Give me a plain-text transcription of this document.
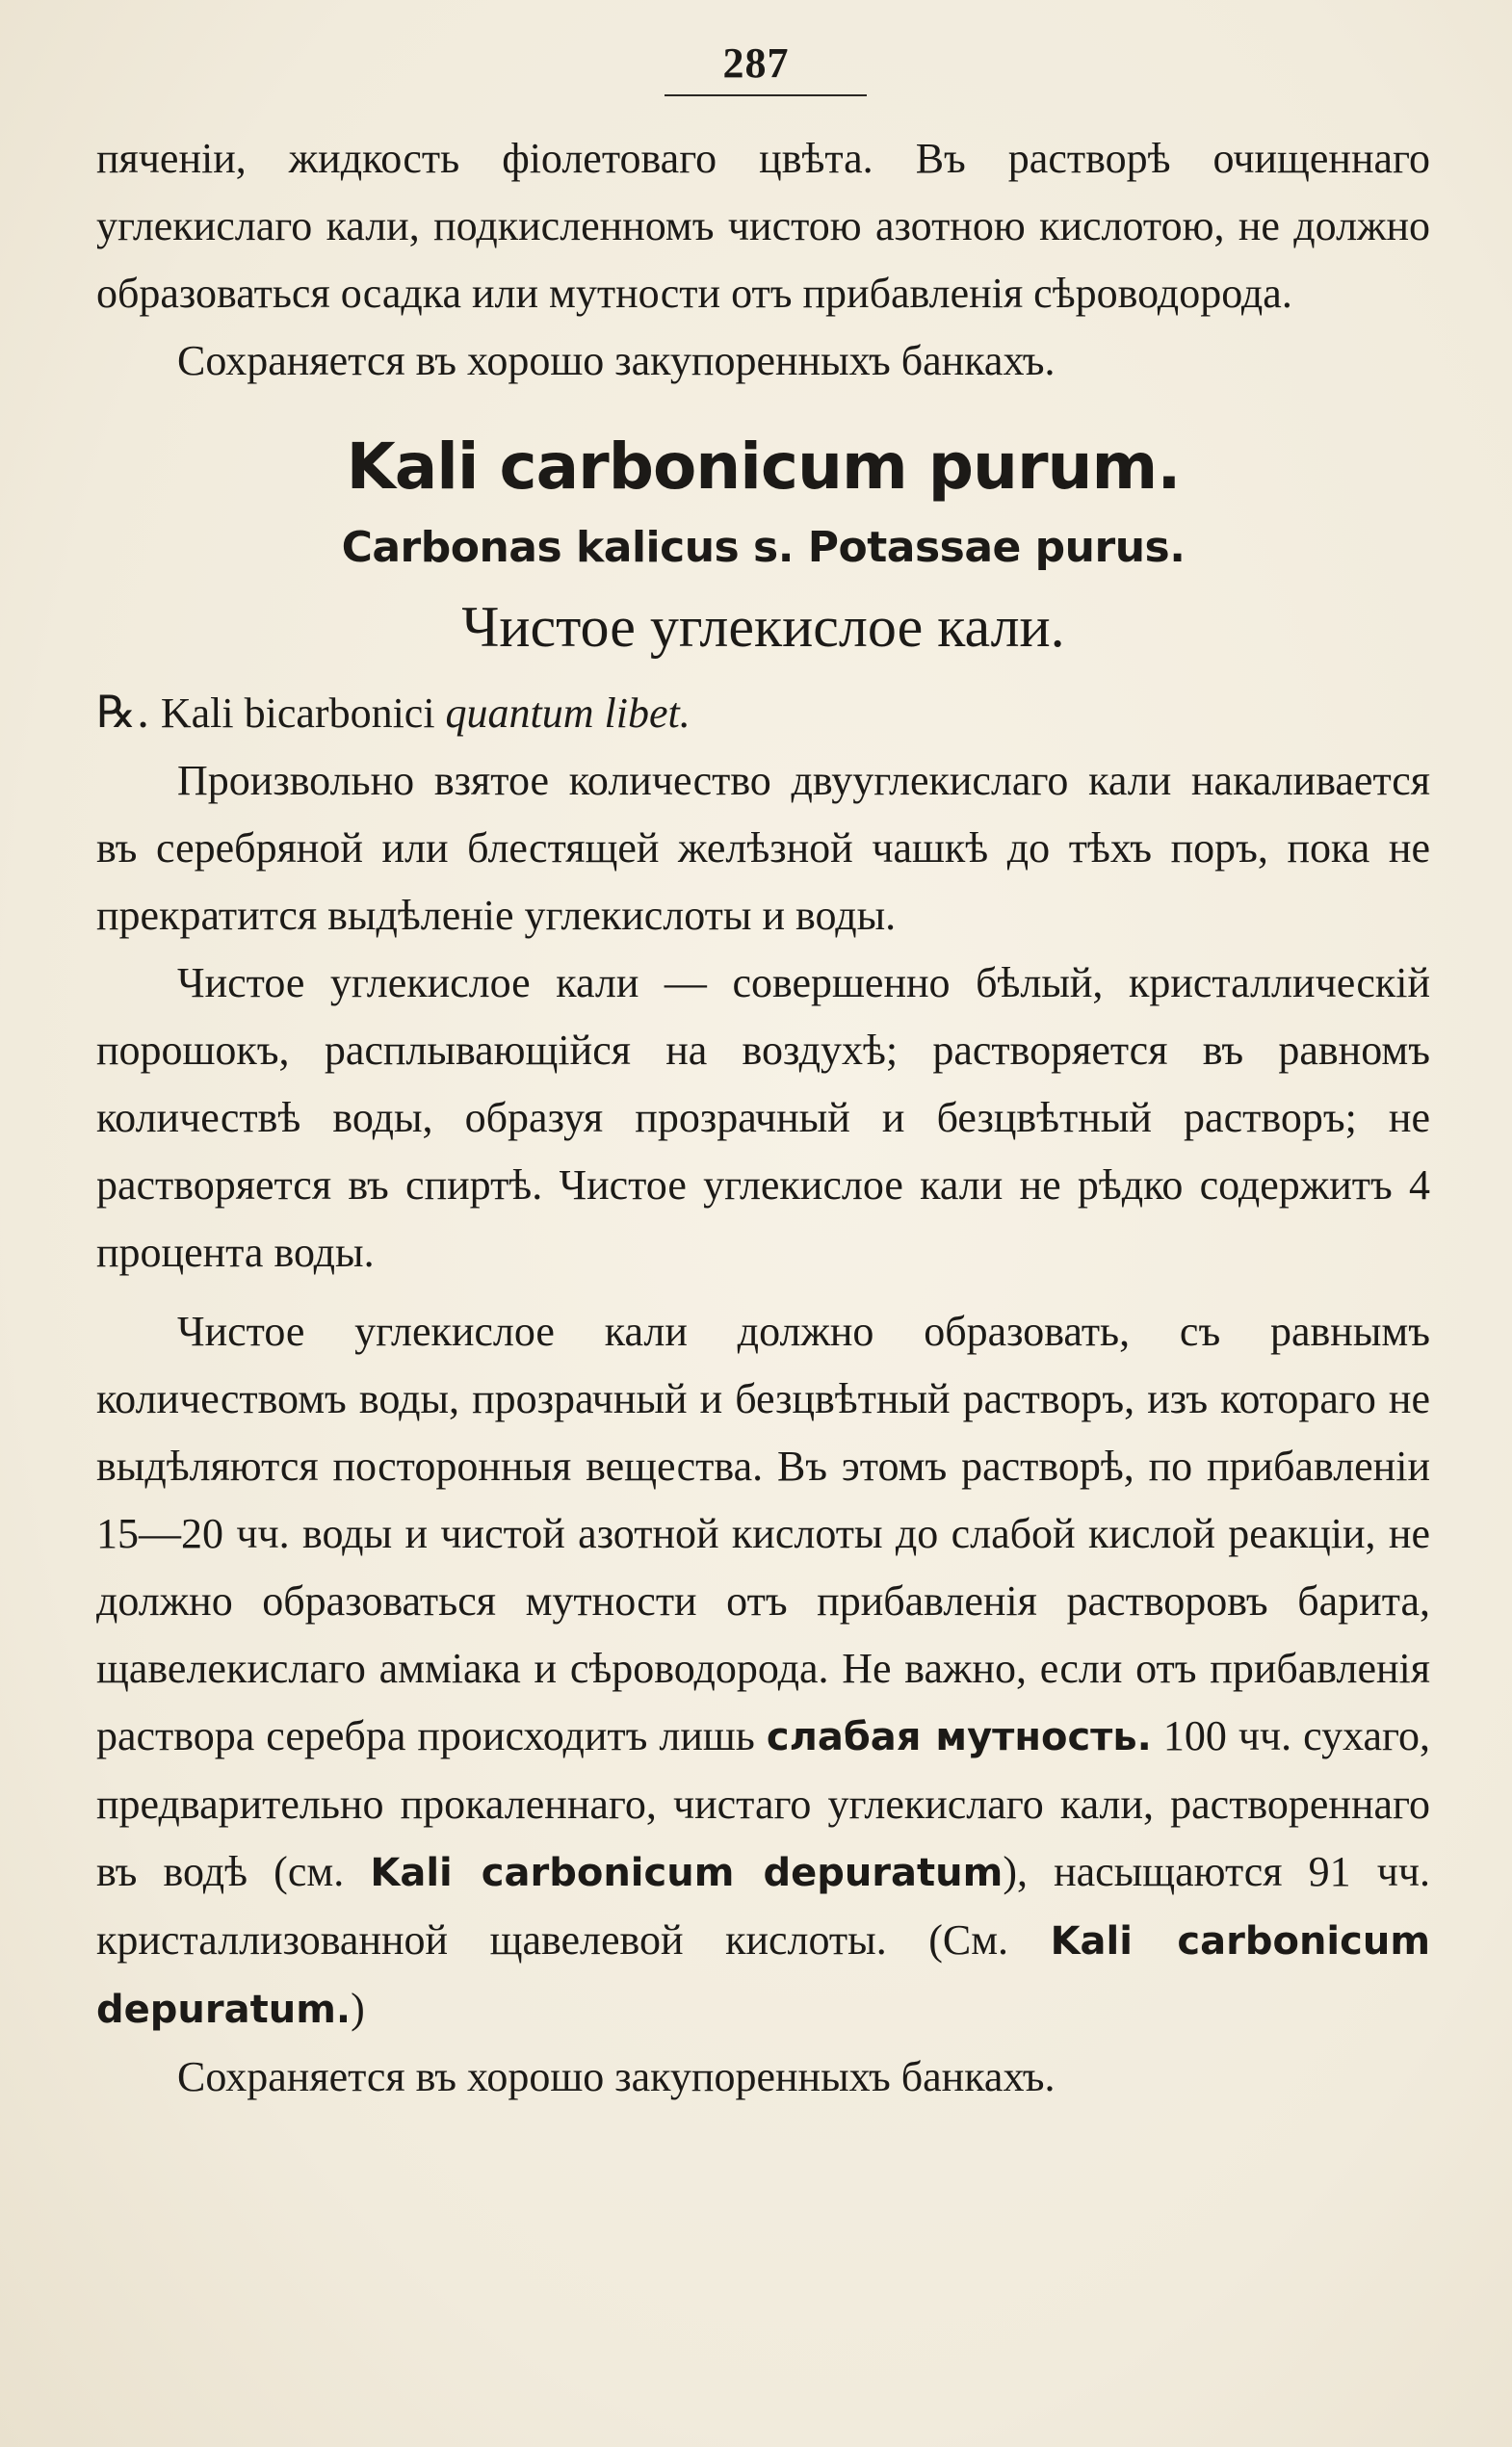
287

пяченіи, жидкость фіолетоваго цвѣта. Въ растворѣ очищеннаго углекислаго кали, подкисленномъ чистою азотною кислотою, не должно образоваться осадка или мутности отъ прибавленія сѣроводорода.

Сохраняется въ хорошо закупоренныхъ банкахъ.

Kali carbonicum purum.
Carbonas kalicus s. Potassae purus.
Чистое углекислое кали.

℞. Kali bicarbonici quantum libet.

Произвольно взятое количество двууглекислаго кали накаливается въ серебряной или блестящей желѣзной чашкѣ до тѣхъ поръ, пока не прекратится выдѣленіе углекислоты и воды.

Чистое углекислое кали — совершенно бѣлый, кристаллическій порошокъ, расплывающійся на воздухѣ; растворяется въ равномъ количествѣ воды, образуя прозрачный и безцвѣтный растворъ; не растворяется въ спиртѣ. Чистое углекислое кали не рѣдко содержитъ 4 процента воды.

Чистое углекислое кали должно образовать, съ равнымъ количествомъ воды, прозрачный и безцвѣтный растворъ, изъ котораго не выдѣляются посторонныя вещества. Въ этомъ растворѣ, по прибавленіи 15—20 чч. воды и чистой азотной кислоты до слабой кислой реакціи, не должно образоваться мутности отъ прибавленія растворовъ барита, щавелекислаго амміака и сѣроводорода. Не важно, если отъ прибавленія раствора серебра происходитъ лишь слабая мутность. 100 чч. сухаго, предварительно прокаленнаго, чистаго углекислаго кали, раствореннаго въ водѣ (см. Kali carbonicum depuratum), насыщаются 91 чч. кристаллизованной щавелевой кислоты. (См. Kali carbonicum depuratum.)

Сохраняется въ хорошо закупоренныхъ банкахъ.
